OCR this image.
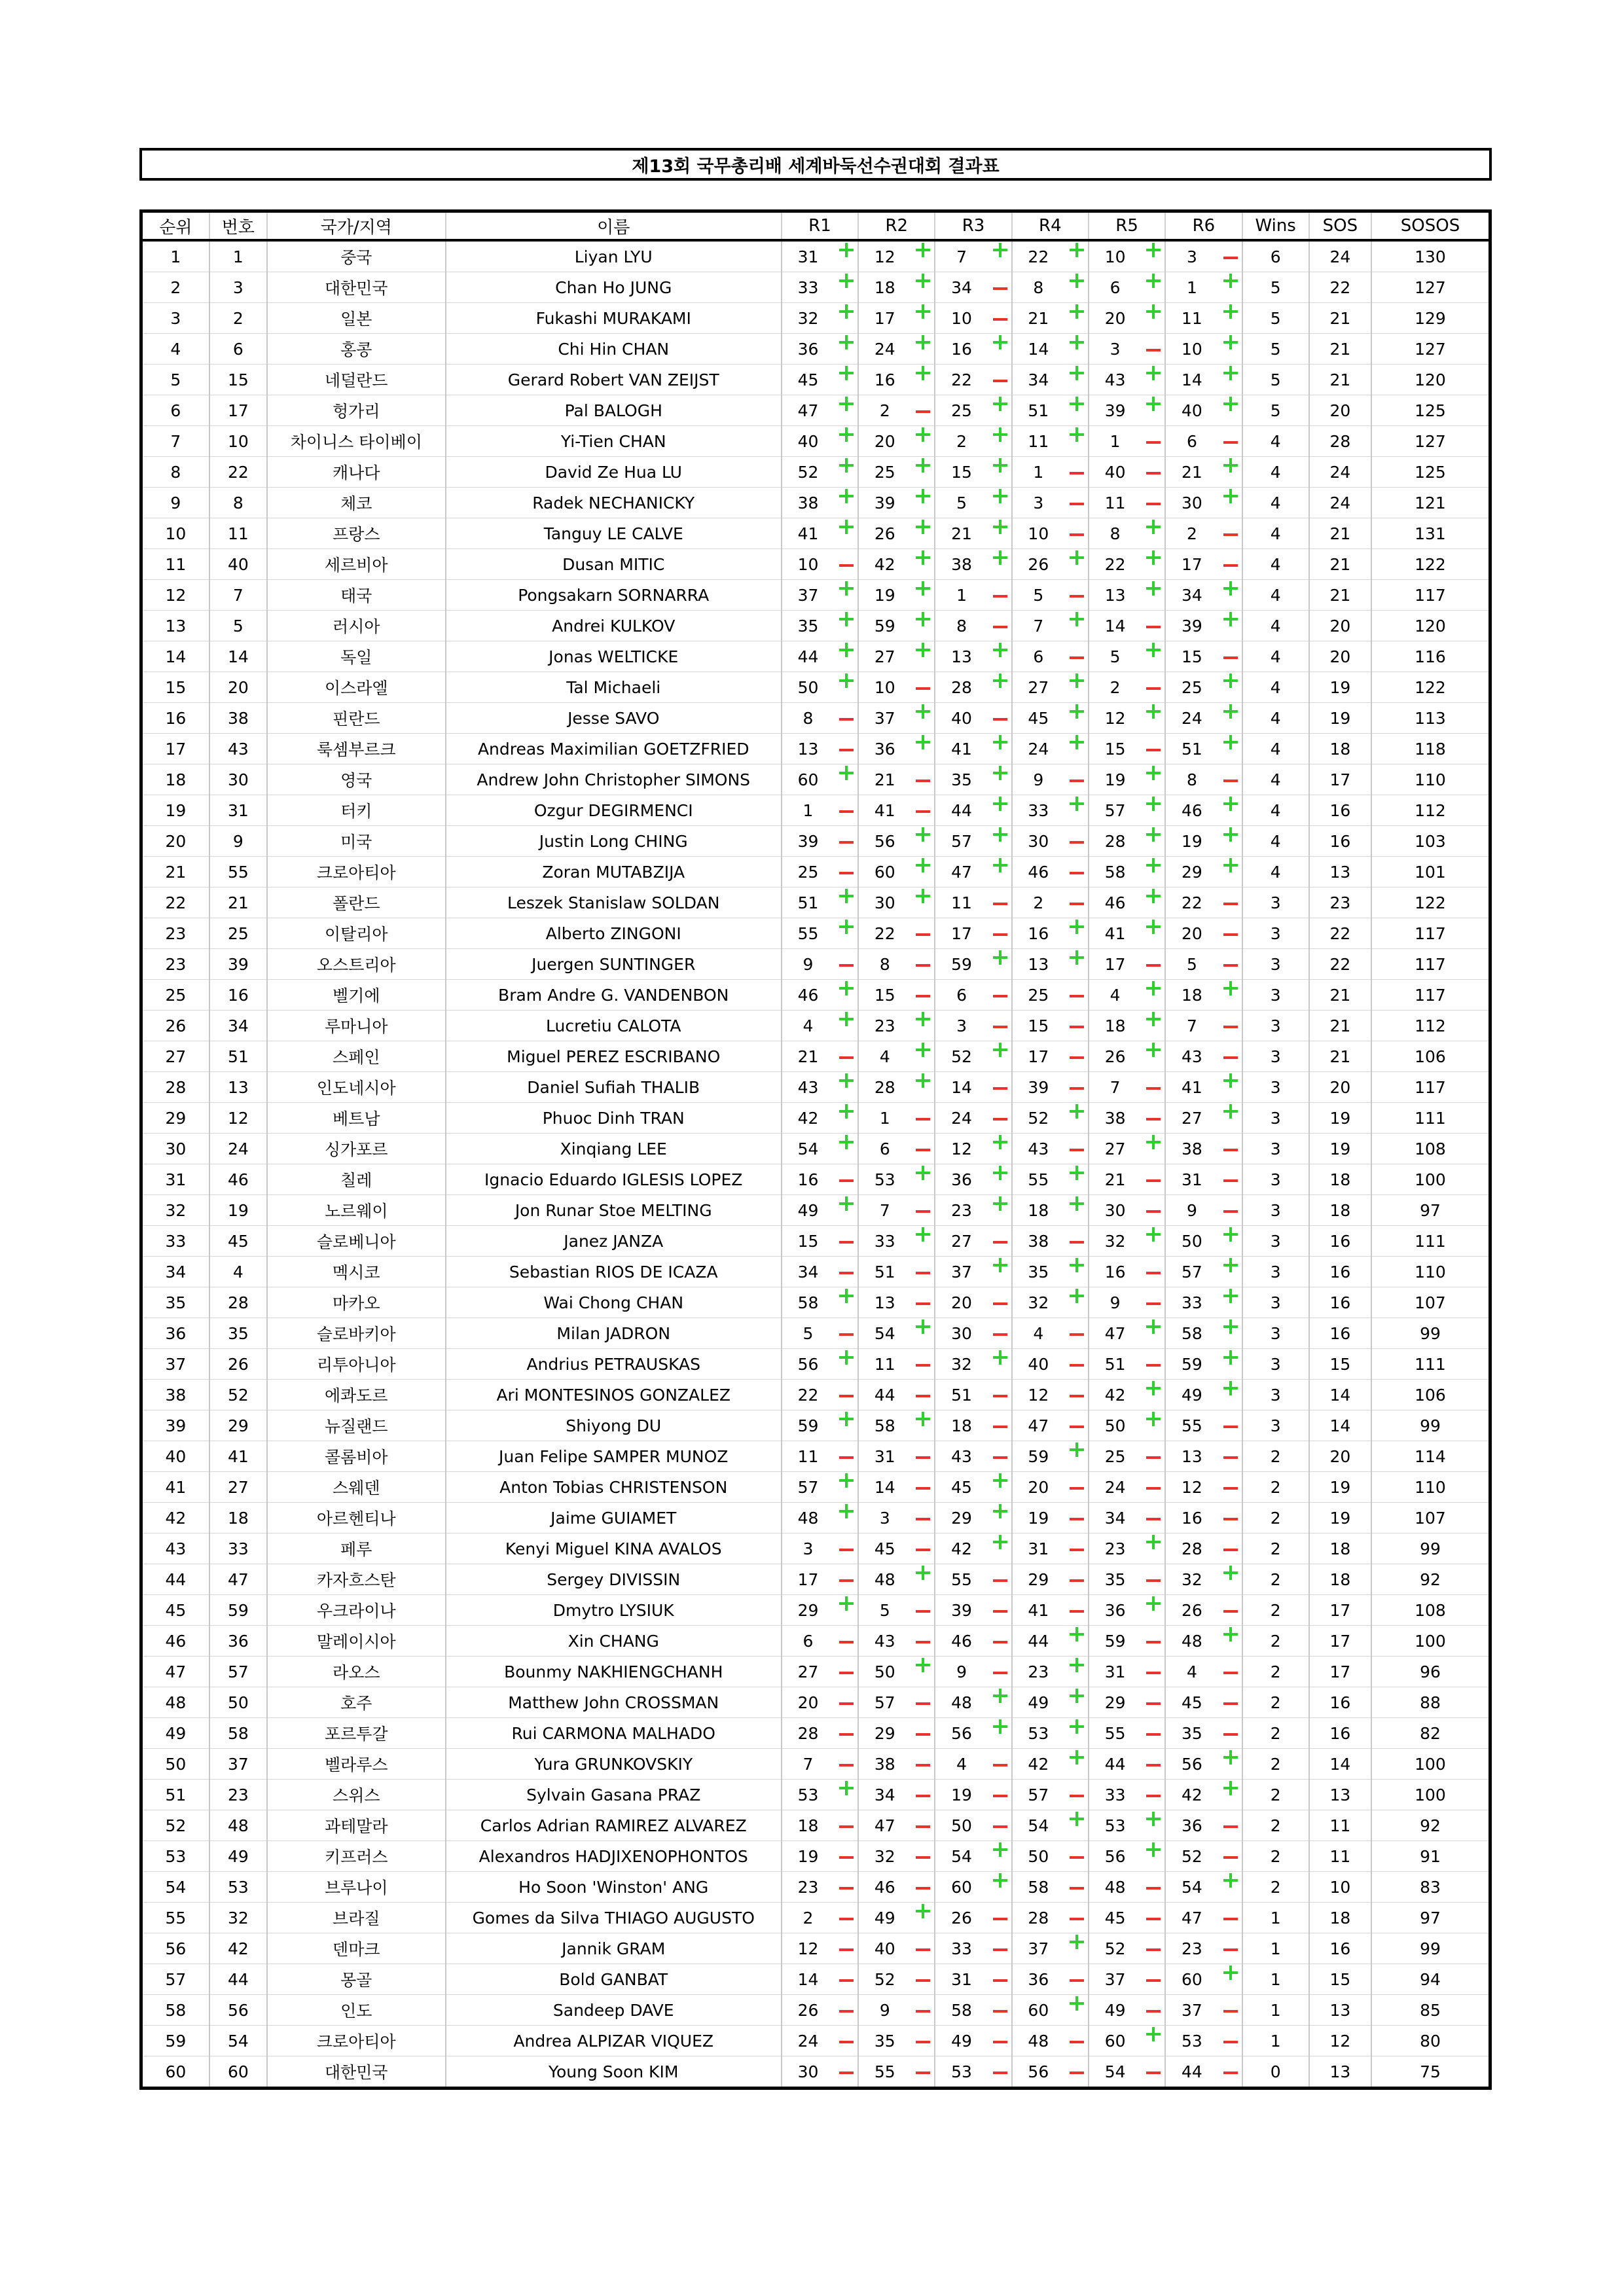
제13회 국무총리배 세계바둑선수권대회 결과표
순위	번호	국가/지역	이름	R1	R2	R3	R4	R5	R6	Wins	SOS	SOSOS
1	1	중국	Liyan LYU	31	12	7	22	10	3	6	24	130
2	3	대한민국	Chan Ho JUNG	33	18	34	8	6	1	5	22	127
3	2	일본	Fukashi MURAKAMI	32	17	10	21	20	11	5	21	129
4	6	홍콩	Chi Hin CHAN	36	24	16	14	3	10	5	21	127
5	15	네덜란드	Gerard Robert VAN ZEIJST	45	16	22	34	43	14	5	21	120
6	17	헝가리	Pal BALOGH	47	2	25	51	39	40	5	20	125
7	10	차이니스 타이베이	Yi-Tien CHAN	40	20	2	11	1	6	4	28	127
8	22	캐나다	David Ze Hua LU	52	25	15	1	40	21	4	24	125
9	8	체코	Radek NECHANICKY	38	39	5	3	11	30	4	24	121
10	11	프랑스	Tanguy LE CALVE	41	26	21	10	8	2	4	21	131
11	40	세르비아	Dusan MITIC	10	42	38	26	22	17	4	21	122
12	7	태국	Pongsakarn SORNARRA	37	19	1	5	13	34	4	21	117
13	5	러시아	Andrei KULKOV	35	59	8	7	14	39	4	20	120
14	14	독일	Jonas WELTICKE	44	27	13	6	5	15	4	20	116
15	20	이스라엘	Tal Michaeli	50	10	28	27	2	25	4	19	122
16	38	핀란드	Jesse SAVO	8	37	40	45	12	24	4	19	113
17	43	룩셈부르크	Andreas Maximilian GOETZFRIED	13	36	41	24	15	51	4	18	118
18	30	영국	Andrew John Christopher SIMONS	60	21	35	9	19	8	4	17	110
19	31	터키	Ozgur DEGIRMENCI	1	41	44	33	57	46	4	16	112
20	9	미국	Justin Long CHING	39	56	57	30	28	19	4	16	103
21	55	크로아티아	Zoran MUTABZIJA	25	60	47	46	58	29	4	13	101
22	21	폴란드	Leszek Stanislaw SOLDAN	51	30	11	2	46	22	3	23	122
23	25	이탈리아	Alberto ZINGONI	55	22	17	16	41	20	3	22	117
23	39	오스트리아	Juergen SUNTINGER	9	8	59	13	17	5	3	22	117
25	16	벨기에	Bram Andre G. VANDENBON	46	15	6	25	4	18	3	21	117
26	34	루마니아	Lucretiu CALOTA	4	23	3	15	18	7	3	21	112
27	51	스페인	Miguel PEREZ ESCRIBANO	21	4	52	17	26	43	3	21	106
28	13	인도네시아	Daniel Sufiah THALIB	43	28	14	39	7	41	3	20	117
29	12	베트남	Phuoc Dinh TRAN	42	1	24	52	38	27	3	19	111
30	24	싱가포르	Xinqiang LEE	54	6	12	43	27	38	3	19	108
31	46	칠레	Ignacio Eduardo IGLESIS LOPEZ	16	53	36	55	21	31	3	18	100
32	19	노르웨이	Jon Runar Stoe MELTING	49	7	23	18	30	9	3	18	97
33	45	슬로베니아	Janez JANZA	15	33	27	38	32	50	3	16	111
34	4	멕시코	Sebastian RIOS DE ICAZA	34	51	37	35	16	57	3	16	110
35	28	마카오	Wai Chong CHAN	58	13	20	32	9	33	3	16	107
36	35	슬로바키아	Milan JADRON	5	54	30	4	47	58	3	16	99
37	26	리투아니아	Andrius PETRAUSKAS	56	11	32	40	51	59	3	15	111
38	52	에콰도르	Ari MONTESINOS GONZALEZ	22	44	51	12	42	49	3	14	106
39	29	뉴질랜드	Shiyong DU	59	58	18	47	50	55	3	14	99
40	41	콜롬비아	Juan Felipe SAMPER MUNOZ	11	31	43	59	25	13	2	20	114
41	27	스웨덴	Anton Tobias CHRISTENSON	57	14	45	20	24	12	2	19	110
42	18	아르헨티나	Jaime GUIAMET	48	3	29	19	34	16	2	19	107
43	33	페루	Kenyi Miguel KINA AVALOS	3	45	42	31	23	28	2	18	99
44	47	카자흐스탄	Sergey DIVISSIN	17	48	55	29	35	32	2	18	92
45	59	우크라이나	Dmytro LYSIUK	29	5	39	41	36	26	2	17	108
46	36	말레이시아	Xin CHANG	6	43	46	44	59	48	2	17	100
47	57	라오스	Bounmy NAKHIENGCHANH	27	50	9	23	31	4	2	17	96
48	50	호주	Matthew John CROSSMAN	20	57	48	49	29	45	2	16	88
49	58	포르투갈	Rui CARMONA MALHADO	28	29	56	53	55	35	2	16	82
50	37	벨라루스	Yura GRUNKOVSKIY	7	38	4	42	44	56	2	14	100
51	23	스위스	Sylvain Gasana PRAZ	53	34	19	57	33	42	2	13	100
52	48	과테말라	Carlos Adrian RAMIREZ ALVAREZ	18	47	50	54	53	36	2	11	92
53	49	키프러스	Alexandros HADJIXENOPHONTOS	19	32	54	50	56	52	2	11	91
54	53	브루나이	Ho Soon 'Winston' ANG	23	46	60	58	48	54	2	10	83
55	32	브라질	Gomes da Silva THIAGO AUGUSTO	2	49	26	28	45	47	1	18	97
56	42	덴마크	Jannik GRAM	12	40	33	37	52	23	1	16	99
57	44	몽골	Bold GANBAT	14	52	31	36	37	60	1	15	94
58	56	인도	Sandeep DAVE	26	9	58	60	49	37	1	13	85
59	54	크로아티아	Andrea ALPIZAR VIQUEZ	24	35	49	48	60	53	1	12	80
60	60	대한민국	Young Soon KIM	30	55	53	56	54	44	0	13	75
